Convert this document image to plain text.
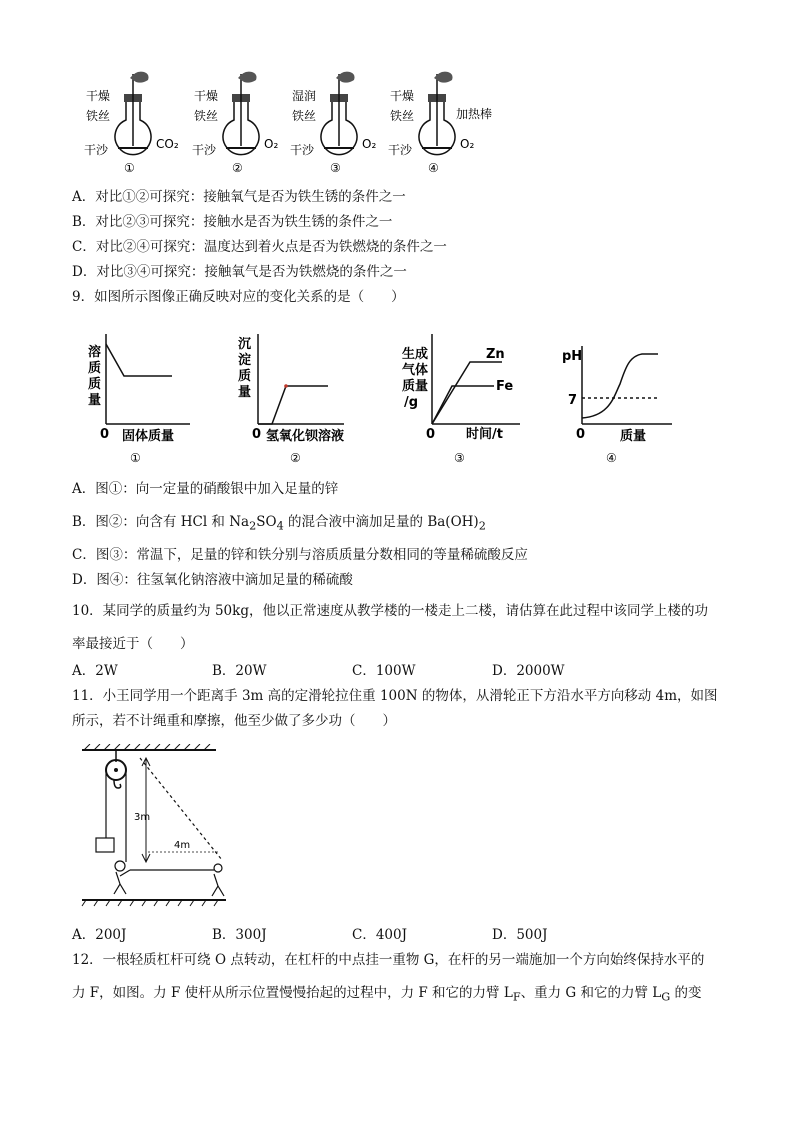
干燥
铁丝
干沙	CO₂
①
干燥
铁丝
干沙	O₂
②
湿润
铁丝
干沙	O₂
③
干燥
铁丝
干沙	O₂
④
加热棒
A．对比①②可探究：接触氧气是否为铁生锈的条件之一
B．对比②③可探究：接触水是否为铁生锈的条件之一
C．对比②④可探究：温度达到着火点是否为铁燃烧的条件之一
D．对比③④可探究：接触氧气是否为铁燃烧的条件之一
9．如图所示图像正确反映对应的变化关系的是（　　）
溶
质
质
量
0 固体质量
①
沉
淀
质
量
0 氢氧化钡溶液
②
生成
气体
质量
/g
Zn
Fe
0 时间/t
③
pH
7
0	质量
④
A．图①：向一定量的硝酸银中加入足量的锌
B．图②：向含有 HCl 和 $Na_2SO_4$ 的混合液中滴加足量的 $Ba(OH)_2$
C．图③：常温下，足量的锌和铁分别与溶质质量分数相同的等量稀硫酸反应
D．图④：往氢氧化钠溶液中滴加足量的稀硫酸
10．某同学的质量约为 50kg，他以正常速度从教学楼的一楼走上二楼，请估算在此过程中该同学上楼的功
率最接近于（　　）
A．2W	B．20W	C．100W	D．2000W
11．小王同学用一个距离手 3m 高的定滑轮拉住重 100N 的物体，从滑轮正下方沿水平方向移动 4m，如图
所示，若不计绳重和摩擦，他至少做了多少功（　　）
3m
4m
A．200J	B．300J	C．400J	D．500J
12．一根轻质杠杆可绕 O 点转动，在杠杆的中点挂一重物 G，在杆的另一端施加一个方向始终保持水平的
力 F，如图。力 F 使杆从所示位置慢慢抬起的过程中，力 F 和它的力臂 $L_F$、重力 G 和它的力臂 $L_G$ 的变
